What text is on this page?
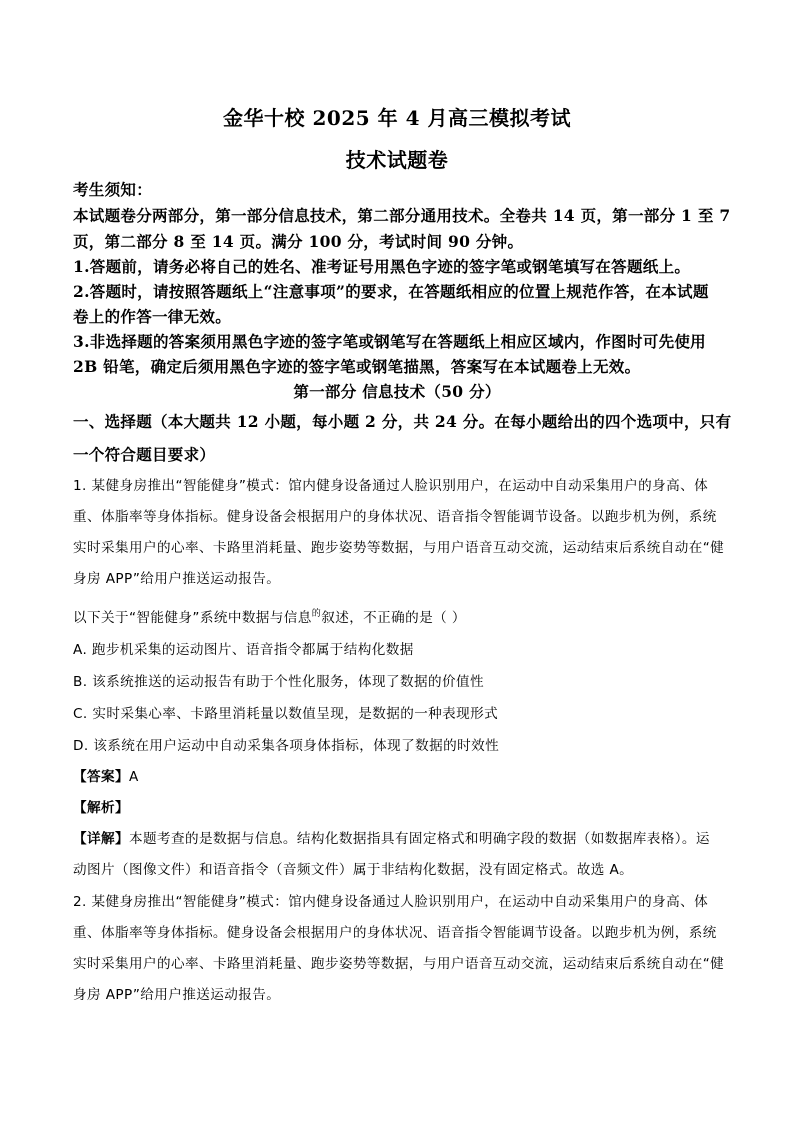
金华十校 2025 年 4 月高三模拟考试
技术试题卷
考生须知：
本试题卷分两部分，第一部分信息技术，第二部分通用技术。全卷共 14 页，第一部分 1 至 7
页，第二部分 8 至 14 页。满分 100 分，考试时间 90 分钟。
1.答题前，请务必将自己的姓名、准考证号用黑色字迹的签字笔或钢笔填写在答题纸上。
2.答题时，请按照答题纸上“注意事项”的要求，在答题纸相应的位置上规范作答，在本试题
卷上的作答一律无效。
3.非选择题的答案须用黑色字迹的签字笔或钢笔写在答题纸上相应区域内，作图时可先使用
2B 铅笔，确定后须用黑色字迹的签字笔或钢笔描黑，答案写在本试题卷上无效。
第一部分 信息技术（50 分）
一、选择题（本大题共 12 小题，每小题 2 分，共 24 分。在每小题给出的四个选项中，只有
一个符合题目要求）
1. 某健身房推出“智能健身”模式：馆内健身设备通过人脸识别用户，在运动中自动采集用户的身高、体
重、体脂率等身体指标。健身设备会根据用户的身体状况、语音指令智能调节设备。以跑步机为例，系统
实时采集用户的心率、卡路里消耗量、跑步姿势等数据，与用户语音互动交流，运动结束后系统自动在“健
身房 APP”给用户推送运动报告。
以下关于“智能健身”系统中数据与信息$^的$叙述，不正确的是（ ）
A. 跑步机采集的运动图片、语音指令都属于结构化数据
B. 该系统推送的运动报告有助于个性化服务，体现了数据的价值性
C. 实时采集心率、卡路里消耗量以数值呈现，是数据的一种表现形式
D. 该系统在用户运动中自动采集各项身体指标，体现了数据的时效性
【答案】A
【解析】
【详解】本题考查的是数据与信息。结构化数据指具有固定格式和明确字段的数据（如数据库表格）。运
动图片（图像文件）和语音指令（音频文件）属于非结构化数据，没有固定格式。故选 A。
2. 某健身房推出“智能健身”模式：馆内健身设备通过人脸识别用户，在运动中自动采集用户的身高、体
重、体脂率等身体指标。健身设备会根据用户的身体状况、语音指令智能调节设备。以跑步机为例，系统
实时采集用户的心率、卡路里消耗量、跑步姿势等数据，与用户语音互动交流，运动结束后系统自动在“健
身房 APP”给用户推送运动报告。
